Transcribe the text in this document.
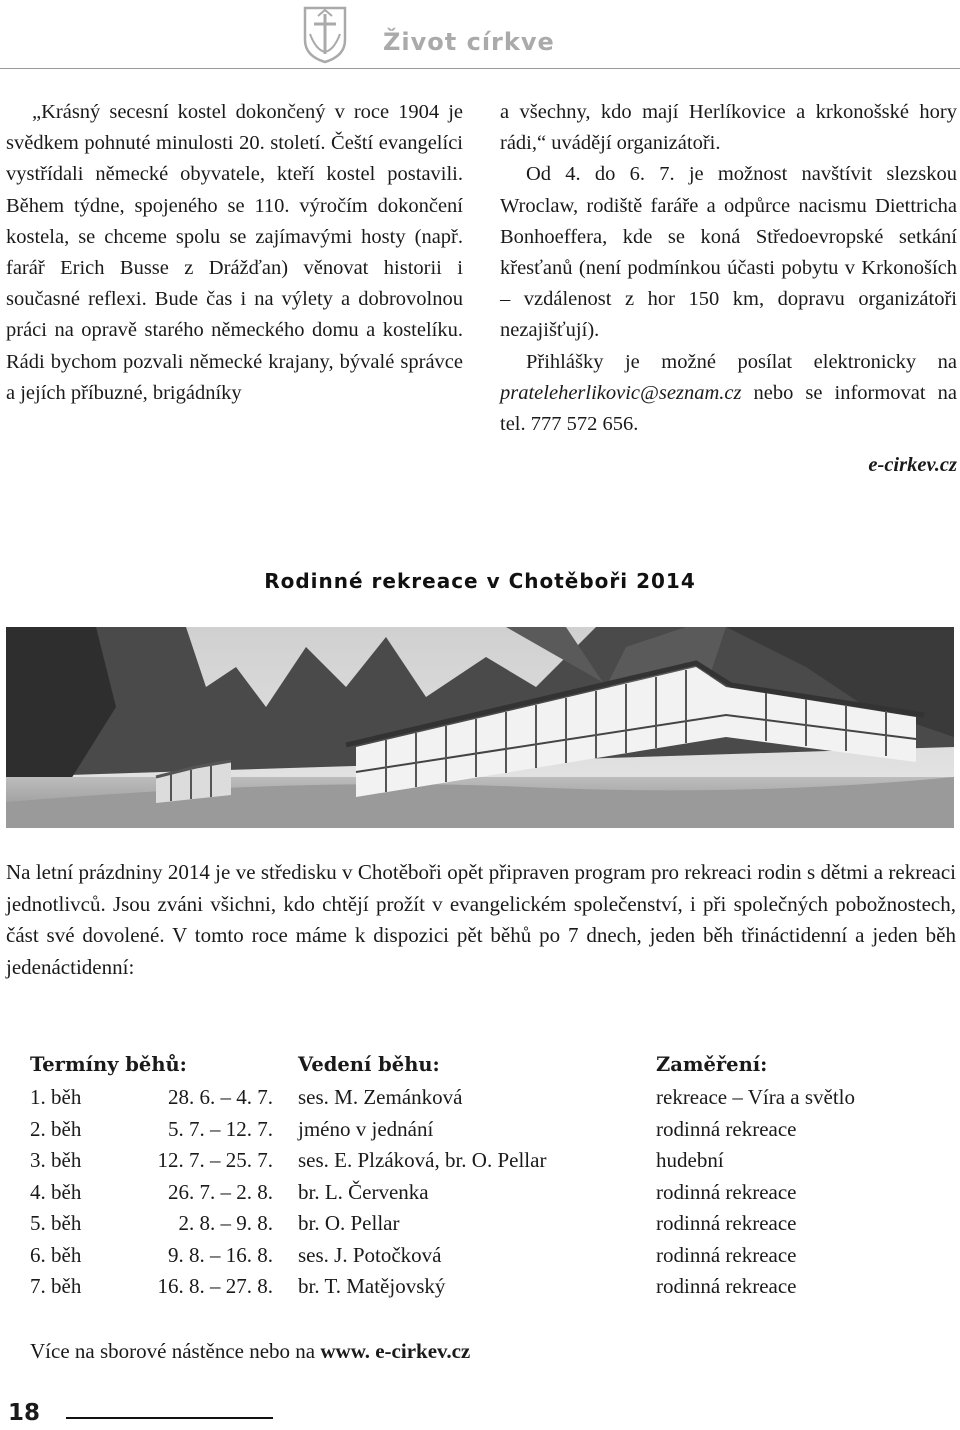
Život církve

„Krásný secesní kostel dokončený v roce 1904 je svědkem pohnuté minulosti 20. století. Čeští evangelíci vystřídali německé obyvatele, kteří kostel postavili. Během týdne, spojeného se 110. výročím dokončení kostela, se chceme spolu se zajímavými hosty (např. farář Erich Busse z Drážďan) věnovat historii i současné reflexi. Bude čas i na výlety a dobrovolnou práci na opravě starého německého domu a kostelíku. Rádi bychom pozvali německé krajany, bývalé správce a jejích příbuzné, brigádníky

a všechny, kdo mají Herlíkovice a krkonošské hory rádi,“ uvádějí organizátoři.

Od 4. do 6. 7. je možnost navštívit slezskou Wroclaw, rodiště faráře a odpůrce nacismu Diettricha Bonhoeffera, kde se koná Středoevropské setkání křesťanů (není podmínkou účasti pobytu v Krkonoších – vzdálenost z hor 150 km, dopravu organizátoři nezajišťují).

Přihlášky je možné posílat elektronicky na prateleherlikovic@seznam.cz nebo se informovat na tel. 777 572 656.

e-cirkev.cz

Rodinné rekreace v Chotěboři 2014

Na letní prázdniny 2014 je ve středisku v Chotěboři opět připraven program pro rekreaci rodin s dětmi a rekreaci jednotlivců. Jsou zváni všichni, kdo chtějí prožít v evangelickém společenství, i při společných pobožnostech, část své dovolené. V tomto roce máme k dispozici pět běhů po 7 dnech, jeden běh třináctidenní a jeden běh jedenáctidenní:

Termíny běhů:	Vedení běhu:	Zaměření:
1. běh	28. 6. – 4. 7. ses. M. Zemánková	rekreace – Víra a světlo
2. běh	5. 7. – 12. 7. jméno v jednání	rodinná rekreace
3. běh	12. 7. – 25. 7. ses. E. Plzáková, br. O. Pellar	hudební
4. běh	26. 7. – 2. 8. br. L. Červenka	rodinná rekreace
5. běh	2. 8. – 9. 8. br. O. Pellar	rodinná rekreace
6. běh	9. 8. – 16. 8. ses. J. Potočková	rodinná rekreace
7. běh	16. 8. – 27. 8. br. T. Matějovský	rodinná rekreace

Více na sborové nástěnce nebo na www. e-cirkev.cz

18
